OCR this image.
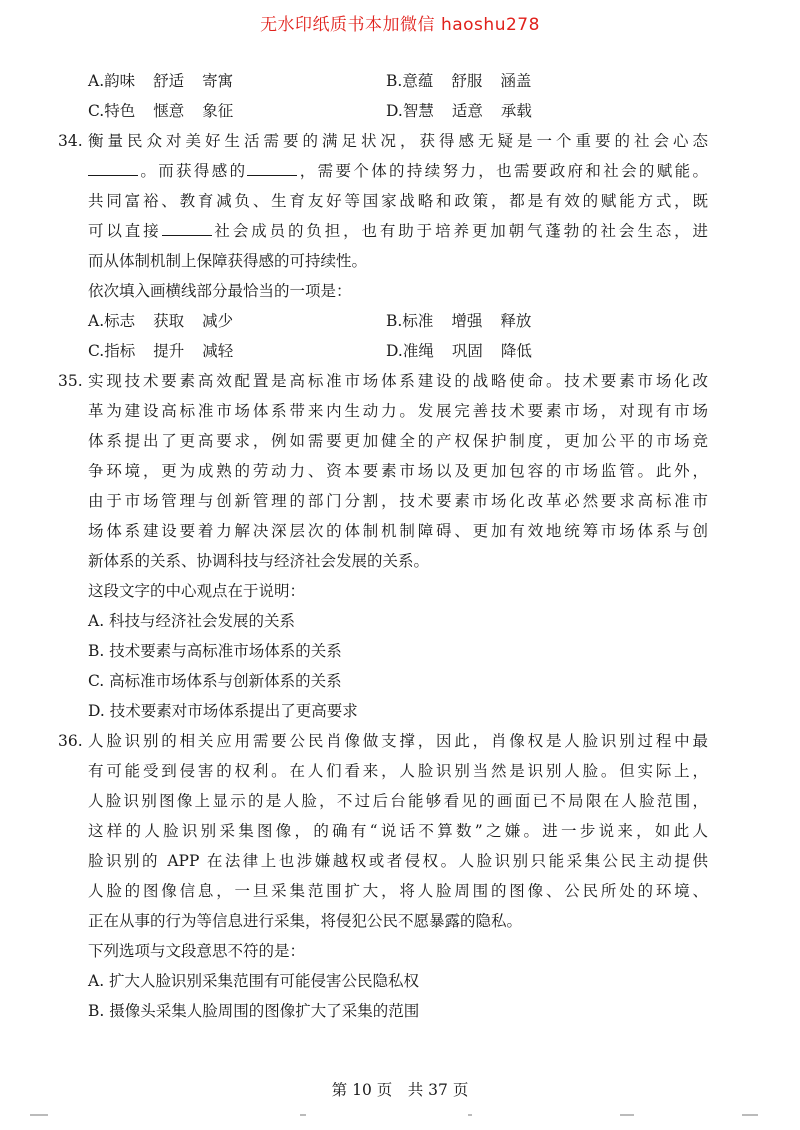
无水印纸质书本加微信 haoshu278
A.韵味 舒适 寄寓	B.意蕴 舒服 涵盖
C.特色 惬意 象征	D.智慧 适意 承载
34. 衡量民众对美好生活需要的满足状况，获得感无疑是一个重要的社会心态
。而获得感的	，需要个体的持续努力，也需要政府和社会的赋能。
共同富裕、教育减负、生育友好等国家战略和政策，都是有效的赋能方式，既
可以直接	社会成员的负担，也有助于培养更加朝气蓬勃的社会生态，进
而从体制机制上保障获得感的可持续性。
依次填入画横线部分最恰当的一项是：
A.标志 获取 减少	B.标准 增强 释放
C.指标 提升 减轻	D.准绳 巩固 降低
35. 实现技术要素高效配置是高标准市场体系建设的战略使命。技术要素市场化改
革为建设高标准市场体系带来内生动力。发展完善技术要素市场，对现有市场
体系提出了更高要求，例如需要更加健全的产权保护制度，更加公平的市场竞
争环境，更为成熟的劳动力、资本要素市场以及更加包容的市场监管。此外，
由于市场管理与创新管理的部门分割，技术要素市场化改革必然要求高标准市
场体系建设要着力解决深层次的体制机制障碍、更加有效地统筹市场体系与创
新体系的关系、协调科技与经济社会发展的关系。
这段文字的中心观点在于说明：
A. 科技与经济社会发展的关系
B. 技术要素与高标准市场体系的关系
C. 高标准市场体系与创新体系的关系
D. 技术要素对市场体系提出了更高要求
36. 人脸识别的相关应用需要公民肖像做支撑，因此，肖像权是人脸识别过程中最
有可能受到侵害的权利。在人们看来，人脸识别当然是识别人脸。但实际上，
人脸识别图像上显示的是人脸，不过后台能够看见的画面已不局限在人脸范围，
这样的人脸识别采集图像，的确有“说话不算数”之嫌。进一步说来，如此人
脸识别的 APP 在法律上也涉嫌越权或者侵权。人脸识别只能采集公民主动提供
人脸的图像信息，一旦采集范围扩大，将人脸周围的图像、公民所处的环境、
正在从事的行为等信息进行采集，将侵犯公民不愿暴露的隐私。
下列选项与文段意思不符的是：
A. 扩大人脸识别采集范围有可能侵害公民隐私权
B. 摄像头采集人脸周围的图像扩大了采集的范围
第 10 页　共 37 页
